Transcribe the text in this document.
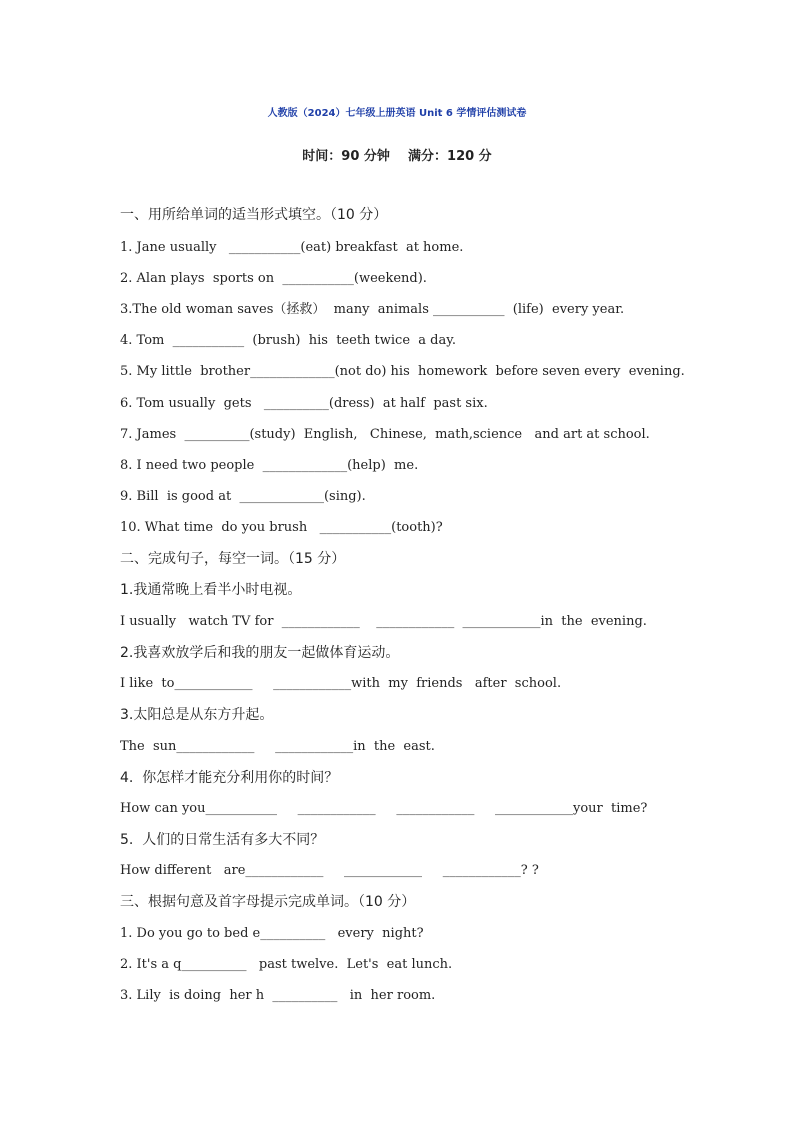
人教版（2024）七年级上册英语 Unit 6 学情评估测试卷
时间：90 分钟    满分：120 分
一、用所给单词的适当形式填空。（10 分）
1. Jane usually   ___________(eat) breakfast  at home.
2. Alan plays  sports on  ___________(weekend).
3.The old woman saves（拯救）  many  animals ___________  (life)  every year.
4. Tom  ___________  (brush)  his  teeth twice  a day.
5. My little  brother_____________(not do) his  homework  before seven every  evening.
6. Tom usually  gets   __________(dress)  at half  past six.
7. James  __________(study)  English,   Chinese,  math,science   and art at school.
8. I need two people  _____________(help)  me.
9. Bill  is good at  _____________(sing).
10. What time  do you brush   ___________(tooth)?
二、完成句子，每空一词。（15 分）
1.我通常晚上看半小时电视。
I usually   watch TV for  ____________    ____________  ____________in  the  evening.
2.我喜欢放学后和我的朋友一起做体育运动。
I like  to____________     ____________with  my  friends   after  school.
3.太阳总是从东方升起。
The  sun____________     ____________in  the  east.
4.  你怎样才能充分利用你的时间？
How can you___________     ____________     ____________     ____________your  time?
5.  人们的日常生活有多大不同？
How different   are____________     ____________     ____________? ?
三、根据句意及首字母提示完成单词。（10 分）
1. Do you go to bed e__________   every  night?
2. It's a q__________   past twelve.  Let's  eat lunch.
3. Lily  is doing  her h  __________   in  her room.
